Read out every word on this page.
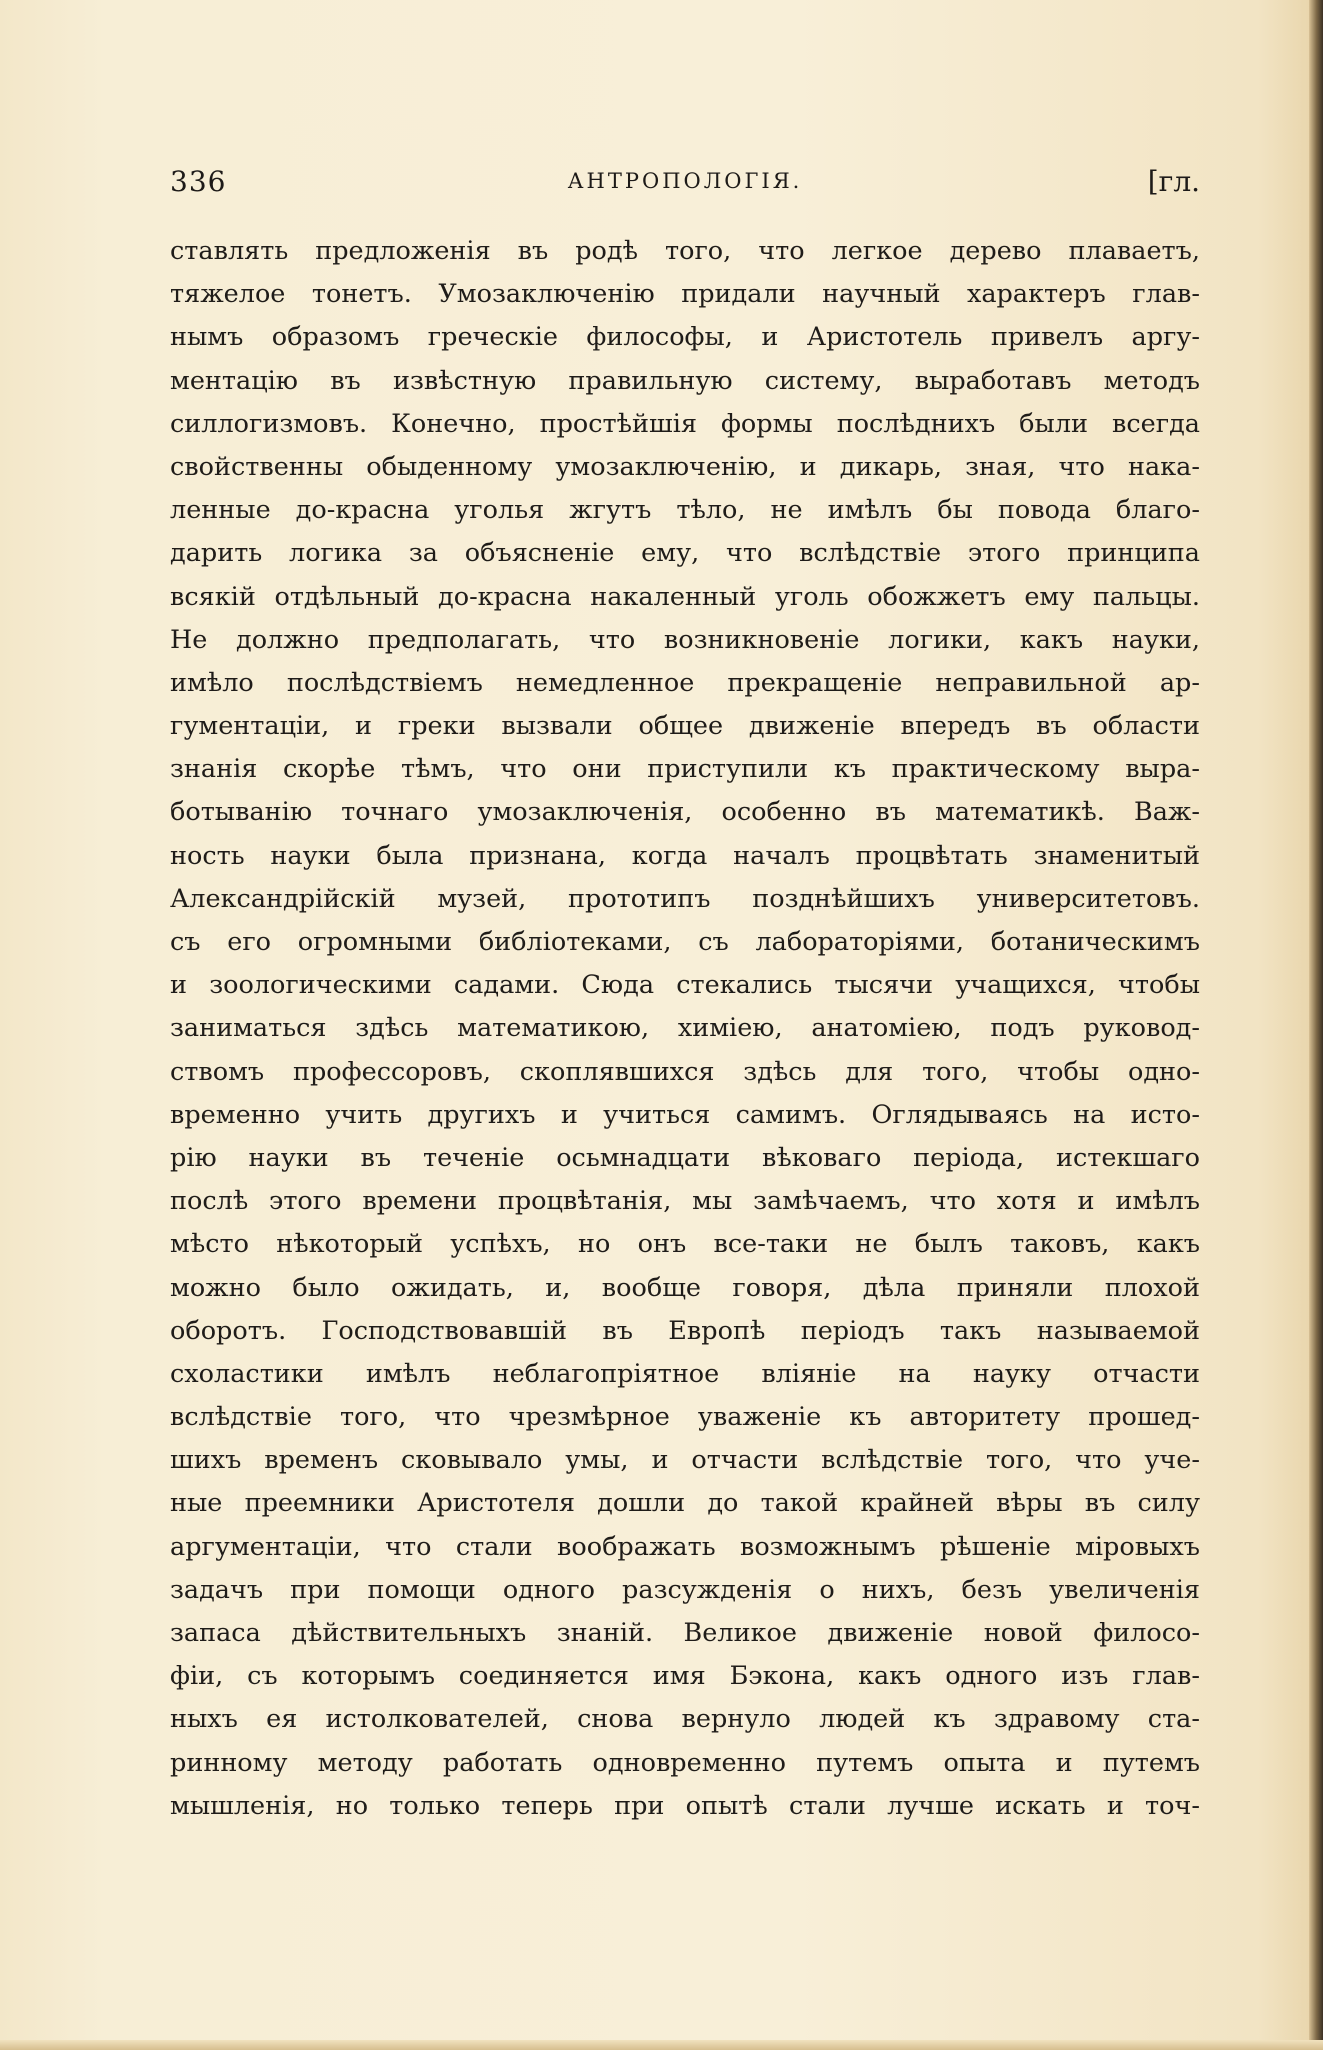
336	АНТРОПОЛОГІЯ.	[гл.
ставлять предложенія въ родѣ того, что легкое дерево плаваетъ,
тяжелое тонетъ. Умозаключенію придали научный характеръ глав-
нымъ образомъ греческіе философы, и Аристотель привелъ аргу-
ментацію въ извѣстную правильную систему, выработавъ методъ
силлогизмовъ. Конечно, простѣйшія формы послѣднихъ были всегда
свойственны обыденному умозаключенію, и дикарь, зная, что нака-
ленные до-красна уголья жгутъ тѣло, не имѣлъ бы повода благо-
дарить логика за объясненіе ему, что вслѣдствіе этого принципа
всякій отдѣльный до-красна накаленный уголь обожжетъ ему пальцы.
Не должно предполагать, что возникновеніе логики, какъ науки,
имѣло послѣдствіемъ немедленное прекращеніе неправильной ар-
гументаціи, и греки вызвали общее движеніе впередъ въ области
знанія скорѣе тѣмъ, что они приступили къ практическому выра-
ботыванію точнаго умозаключенія, особенно въ математикѣ. Важ-
ность науки была признана, когда началъ процвѣтать знаменитый
Александрійскій музей, прототипъ позднѣйшихъ университетовъ.
съ его огромными библіотеками, съ лабораторіями, ботаническимъ
и зоологическими садами. Сюда стекались тысячи учащихся, чтобы
заниматься здѣсь математикою, химіею, анатоміею, подъ руковод-
ствомъ профессоровъ, скоплявшихся здѣсь для того, чтобы одно-
временно учить другихъ и учиться самимъ. Оглядываясь на исто-
рію науки въ теченіе осьмнадцати вѣковаго періода, истекшаго
послѣ этого времени процвѣтанія, мы замѣчаемъ, что хотя и имѣлъ
мѣсто нѣкоторый успѣхъ, но онъ все-таки не былъ таковъ, какъ
можно было ожидать, и, вообще говоря, дѣла приняли плохой
оборотъ. Господствовавшій въ Европѣ періодъ такъ называемой
схоластики имѣлъ неблагопріятное вліяніе на науку отчасти
вслѣдствіе того, что чрезмѣрное уваженіе къ авторитету прошед-
шихъ временъ сковывало умы, и отчасти вслѣдствіе того, что уче-
ные преемники Аристотеля дошли до такой крайней вѣры въ силу
аргументаціи, что стали воображать возможнымъ рѣшеніе міровыхъ
задачъ при помощи одного разсужденія о нихъ, безъ увеличенія
запаса дѣйствительныхъ знаній. Великое движеніе новой филосо-
фіи, съ которымъ соединяется имя Бэкона, какъ одного изъ глав-
ныхъ ея истолкователей, снова вернуло людей къ здравому ста-
ринному методу работать одновременно путемъ опыта и путемъ
мышленія, но только теперь при опытѣ стали лучше искать и точ-
